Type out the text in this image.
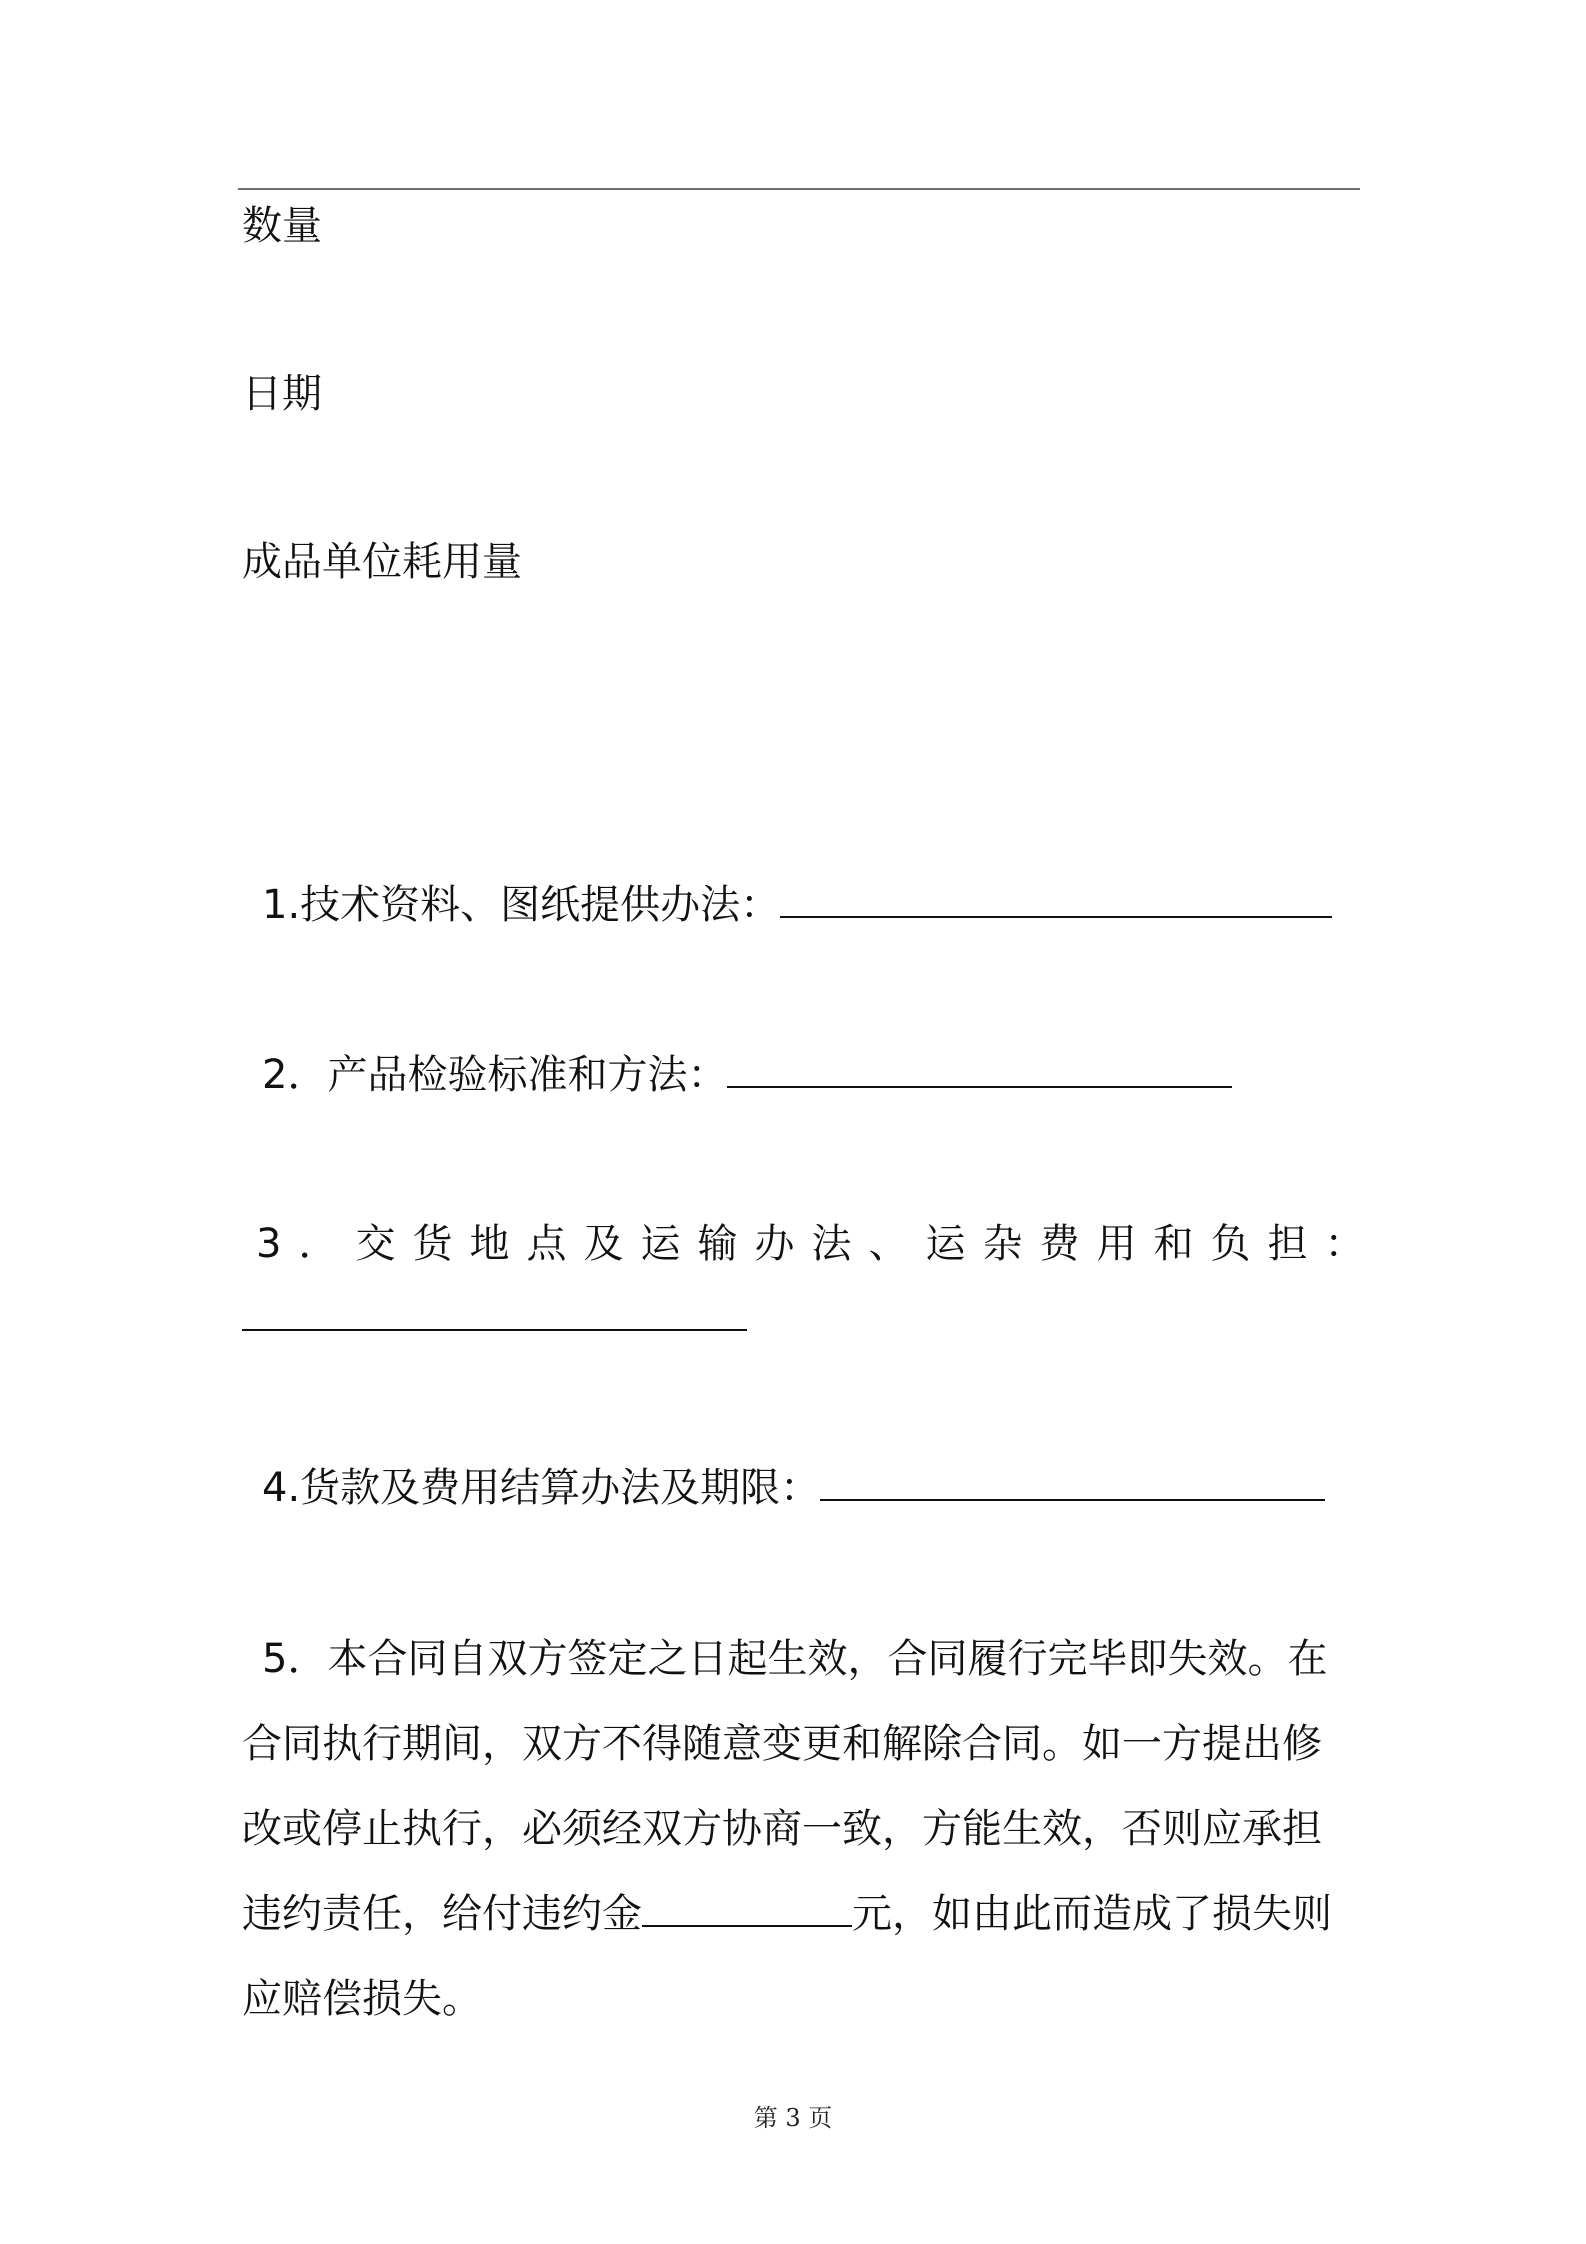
数量
日期
成品单位耗用量
1.技术资料、图纸提供办法：
2．产品检验标准和方法：
3．交货地点及运输办法、运杂费用和负担：
4.货款及费用结算办法及期限：

5．本合同自双方签定之日起生效，合同履行完毕即失效。在合同执行期间，双方不得随意变更和解除合同。如一方提出修改或停止执行，必须经双方协商一致，方能生效，否则应承担违约责任，给付违约金	元，如由此而造成了损失则应赔偿损失。

第 3 页
